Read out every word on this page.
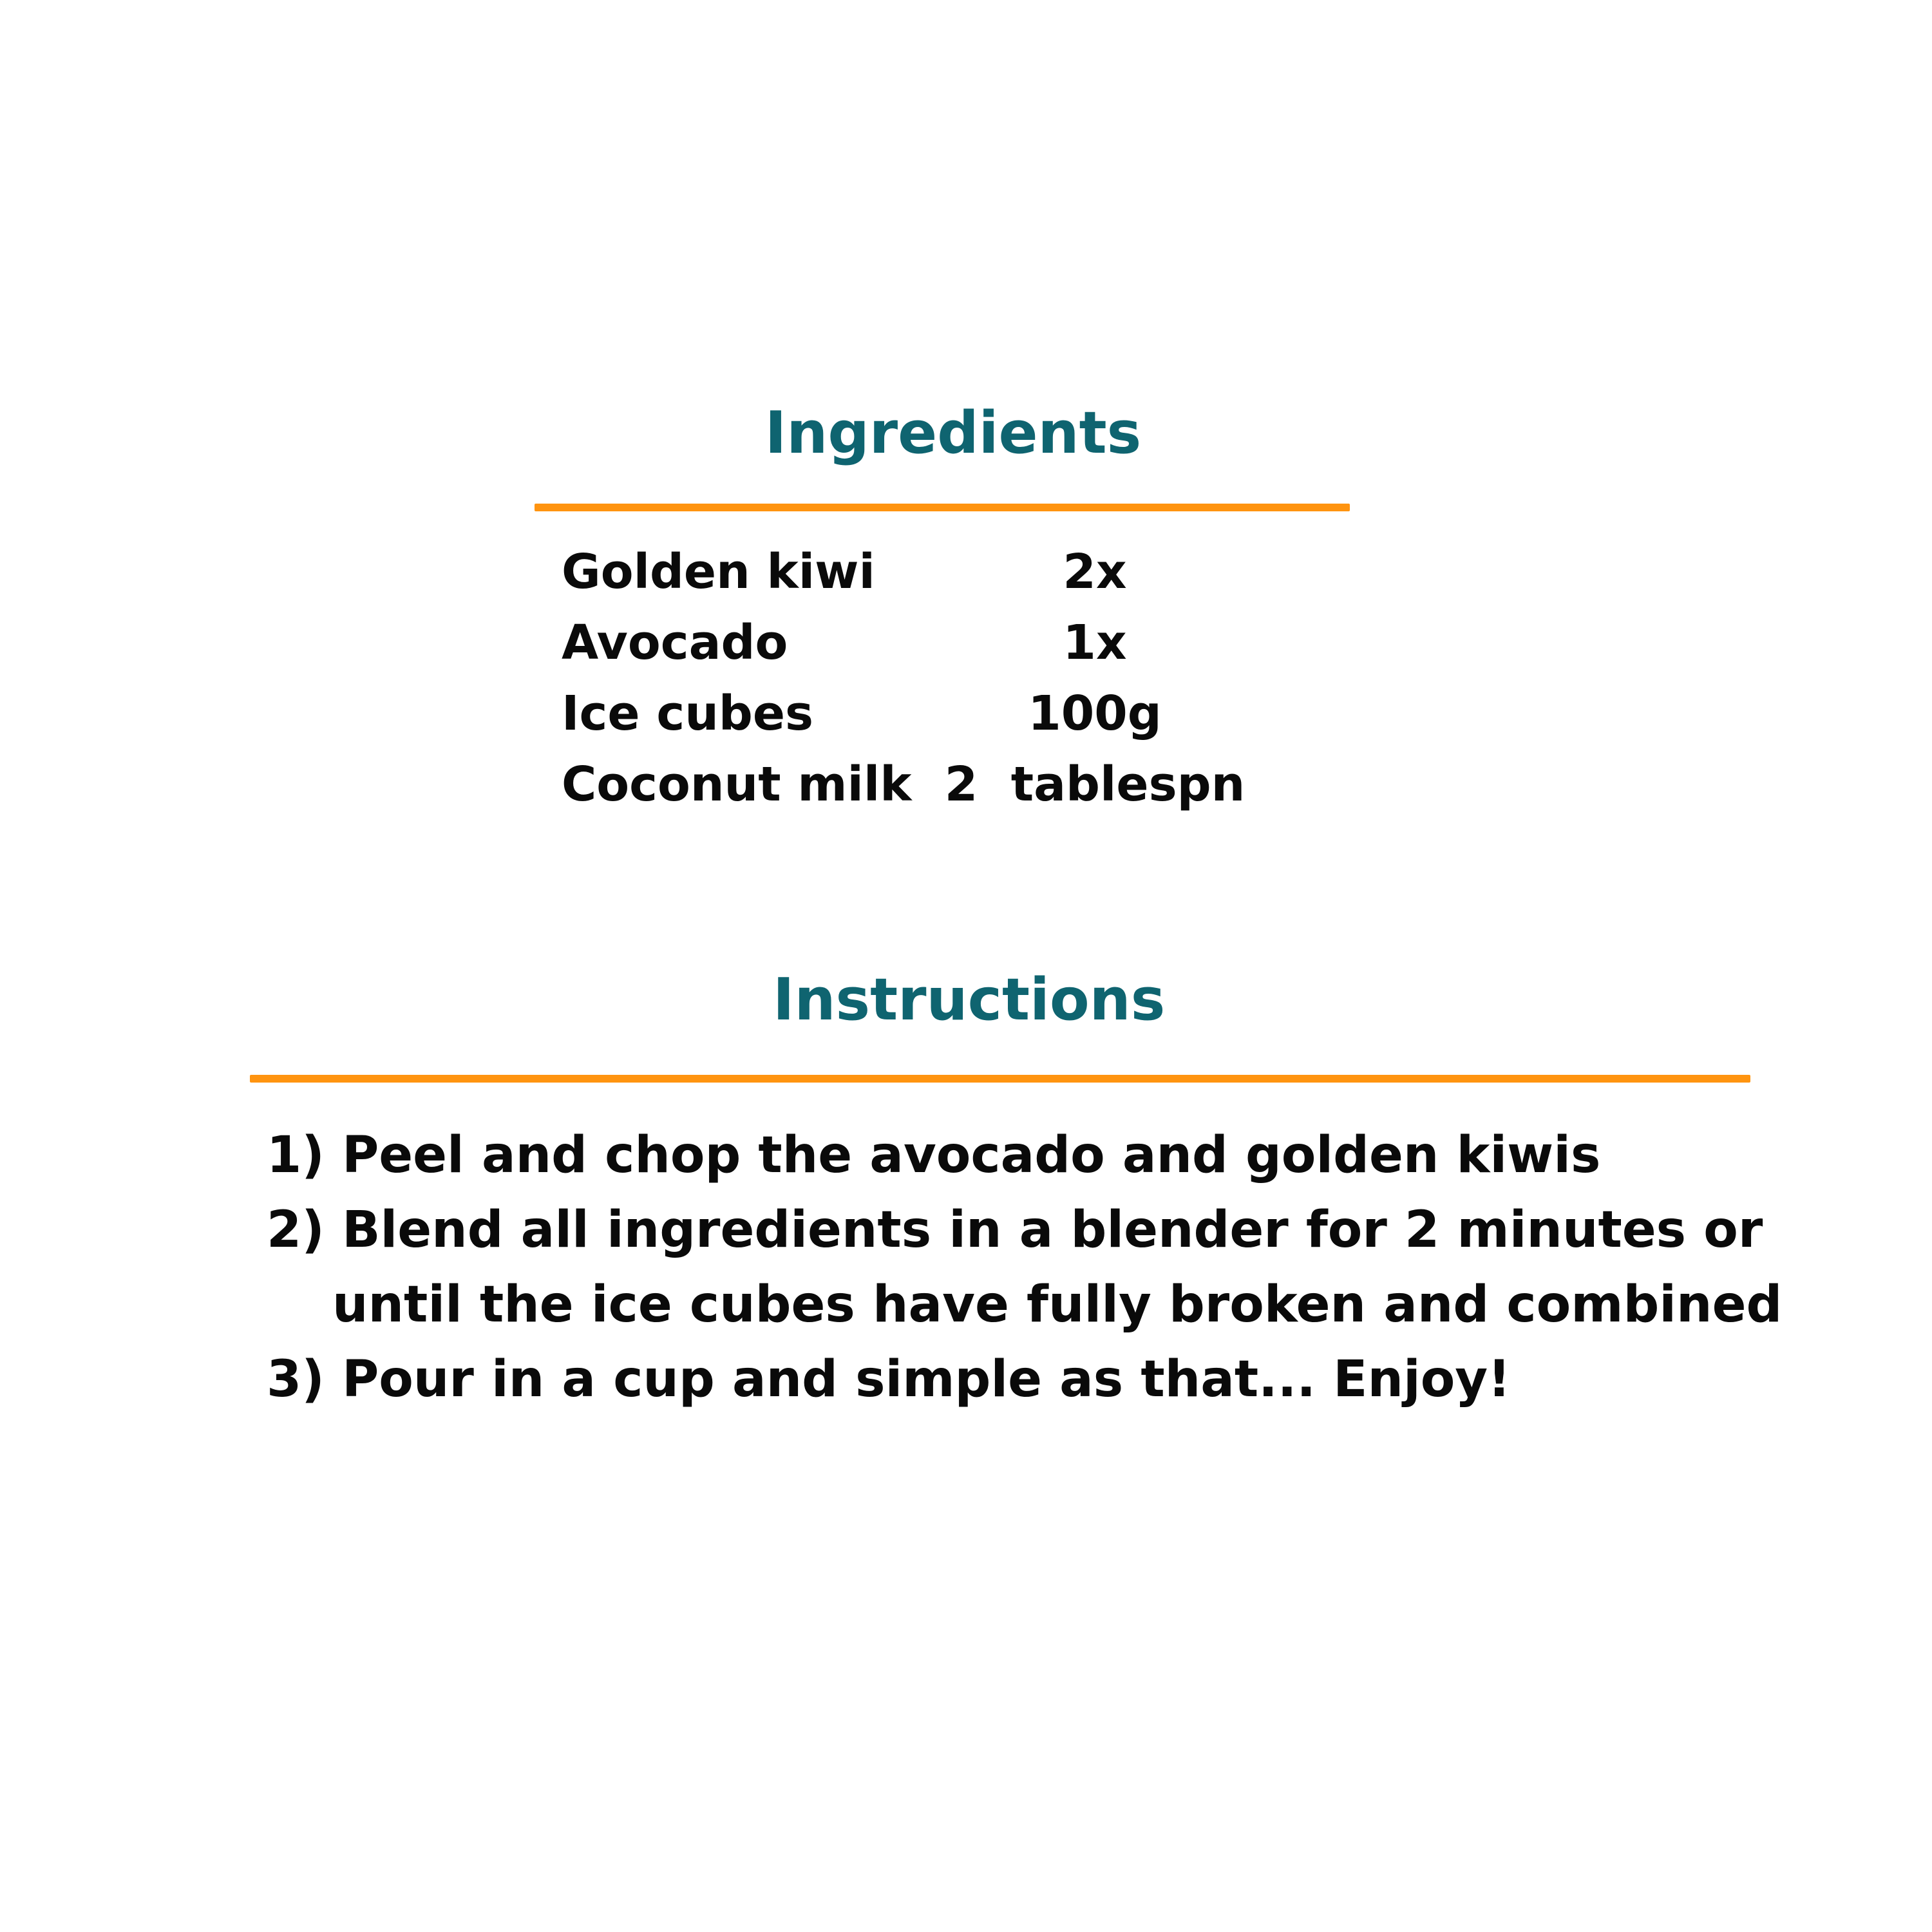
Ingredients
Golden kiwi	2x
Avocado	1x
Ice cubes	100g
Coconut milk 2  tablespn
Instructions
1) Peel and chop the avocado and golden kiwis
2) Blend all ingredients in a blender for 2 minutes or
until the ice cubes have fully broken and combined
3) Pour in a cup and simple as that... Enjoy!
